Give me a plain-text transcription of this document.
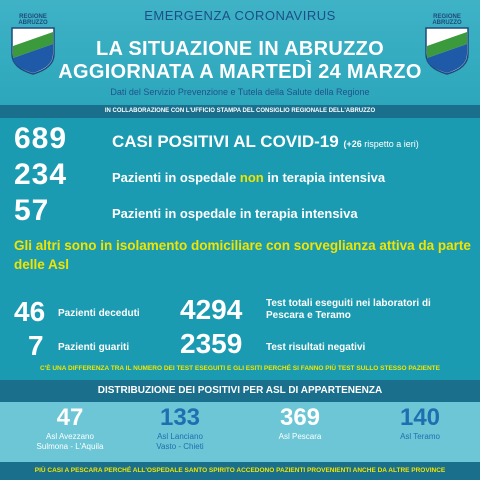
REGIONE ABRUZZO
REGIONE ABRUZZO
EMERGENZA CORONAVIRUS
LA SITUAZIONE IN ABRUZZO
AGGIORNATA A MARTEDÌ 24 MARZO
Dati del Servizio Prevenzione e Tutela della Salute della Regione
IN COLLABORAZIONE CON L'UFFICIO STAMPA DEL CONSIGLIO REGIONALE DELL'ABRUZZO
689	CASI POSITIVI AL COVID-19 (+26 rispetto a ieri)
234	Pazienti in ospedale non in terapia intensiva
57	Pazienti in ospedale in terapia intensiva
Gli altri sono in isolamento domiciliare con sorveglianza attiva da parte delle Asl
46 Pazienti deceduti
7 Pazienti guariti
4294 Test totali eseguiti nei laboratori di Pescara e Teramo
2359 Test risultati negativi
C'È UNA DIFFERENZA TRA IL NUMERO DEI TEST ESEGUITI E GLI ESITI PERCHÉ SI FANNO PIÙ TEST SULLO STESSO PAZIENTE
DISTRIBUZIONE DEI POSITIVI PER ASL DI APPARTENENZA
47
Asl Avezzano
Sulmona - L'Aquila
133
Asl Lanciano
Vasto - Chieti
369
Asl Pescara
140
Asl Teramo
PIÙ CASI A PESCARA PERCHÉ ALL'OSPEDALE SANTO SPIRITO ACCEDONO PAZIENTI PROVENIENTI ANCHE DA ALTRE PROVINCE
